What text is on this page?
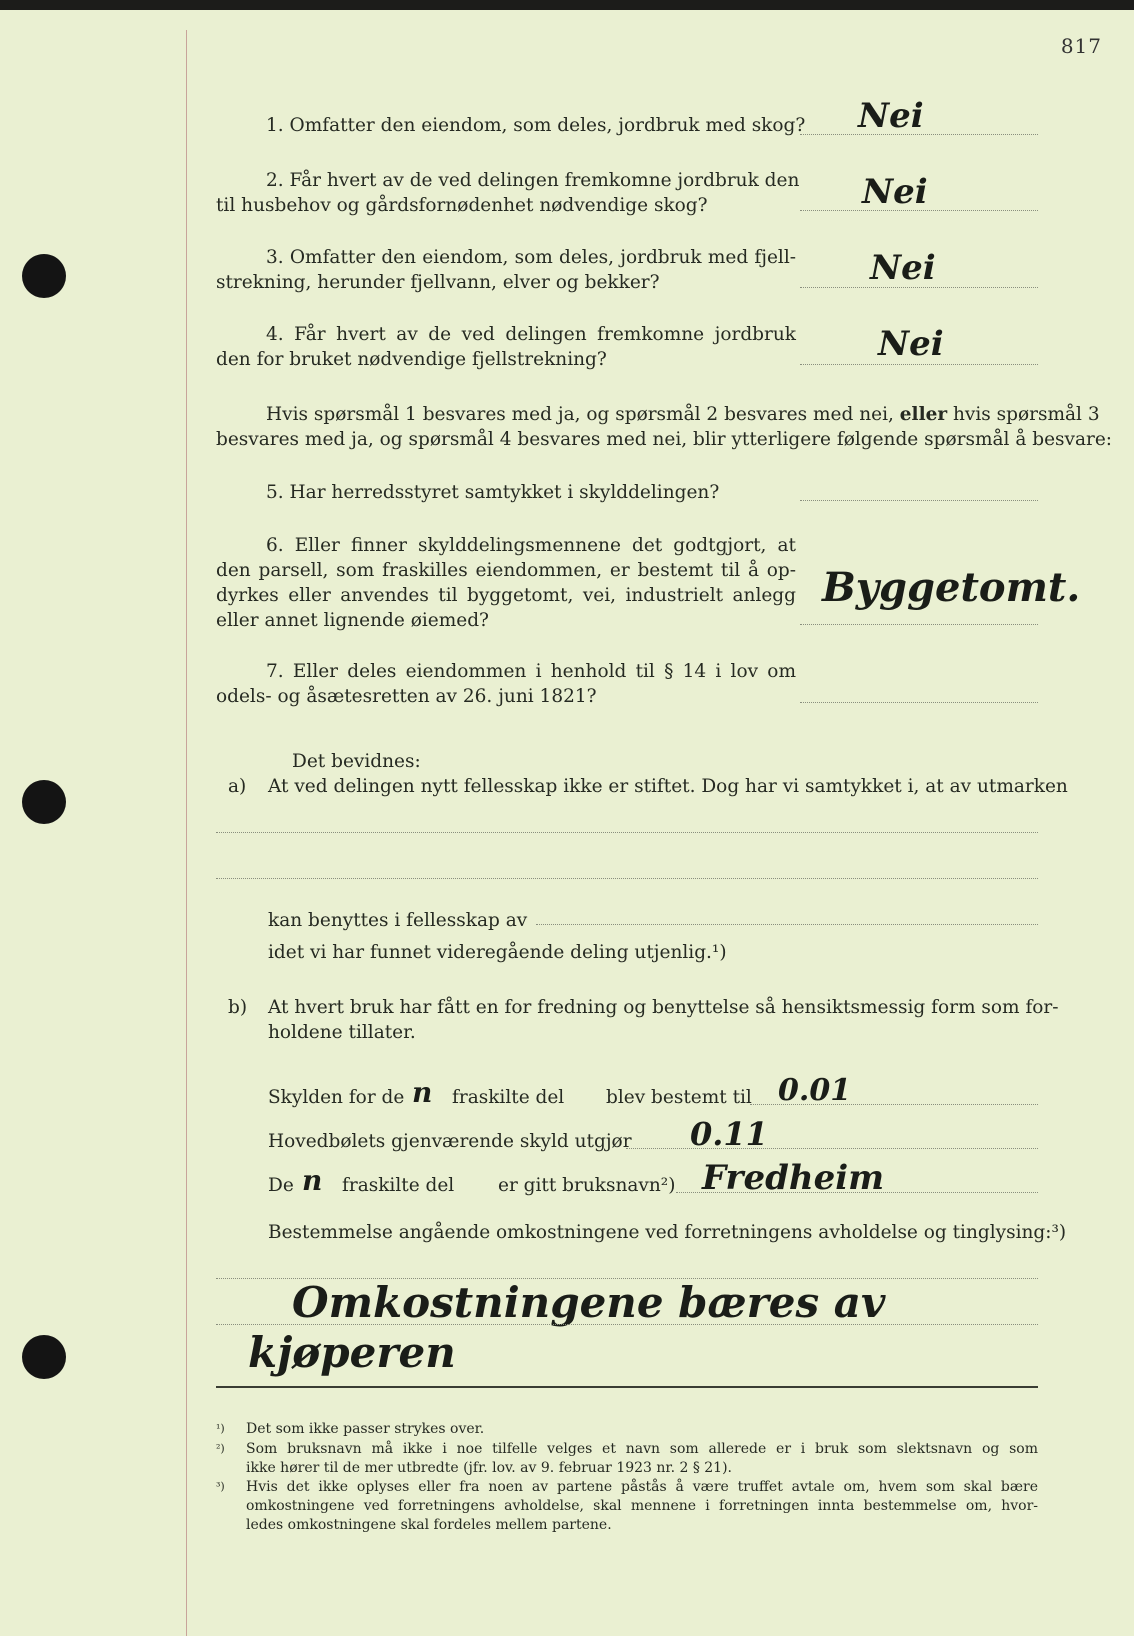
817
1. Omfatter den eiendom, som deles, jordbruk med skog? Nei
2. Får hvert av de ved delingen fremkomne jordbruk den
til husbehov og gårdsfornødenhet nødvendige skog?	Nei
3. Omfatter den eiendom, som deles, jordbruk med fjell-
strekning, herunder fjellvann, elver og bekker?	Nei
4. Får hvert av de ved delingen fremkomne jordbruk
den for bruket nødvendige fjellstrekning?	Nei
Hvis spørsmål 1 besvares med ja, og spørsmål 2 besvares med nei, eller hvis spørsmål 3
besvares med ja, og spørsmål 4 besvares med nei, blir ytterligere følgende spørsmål å besvare:
5. Har herredsstyret samtykket i skylddelingen?
6. Eller finner skylddelingsmennene det godtgjort, at
den parsell, som fraskilles eiendommen, er bestemt til å op-
dyrkes eller anvendes til byggetomt, vei, industrielt anlegg
eller annet lignende øiemed?
Byggetomt.
7. Eller deles eiendommen i henhold til § 14 i lov om
odels- og åsætesretten av 26. juni 1821?
Det bevidnes:
a) At ved delingen nytt fellesskap ikke er stiftet. Dog har vi samtykket i, at av utmarken
kan benyttes i fellesskap av
idet vi har funnet videregående deling utjenlig.¹)
b) At hvert bruk har fått en for fredning og benyttelse så hensiktsmessig form som for-
holdene tillater.
Skylden for de n fraskilte del blev bestemt til 0.01
Hovedbølets gjenværende skyld utgjør 0.11
De n fraskilte del er gitt bruksnavn²) Fredheim
Bestemmelse angående omkostningene ved forretningens avholdelse og tinglysing:³)
Omkostningene bæres av
kjøperen
¹) Det som ikke passer strykes over.
²) Som bruksnavn må ikke i noe tilfelle velges et navn som allerede er i bruk som slektsnavn og som
ikke hører til de mer utbredte (jfr. lov. av 9. februar 1923 nr. 2 § 21).
³) Hvis det ikke oplyses eller fra noen av partene påstås å være truffet avtale om, hvem som skal bære
omkostningene ved forretningens avholdelse, skal mennene i forretningen innta bestemmelse om, hvor-
ledes omkostningene skal fordeles mellem partene.
